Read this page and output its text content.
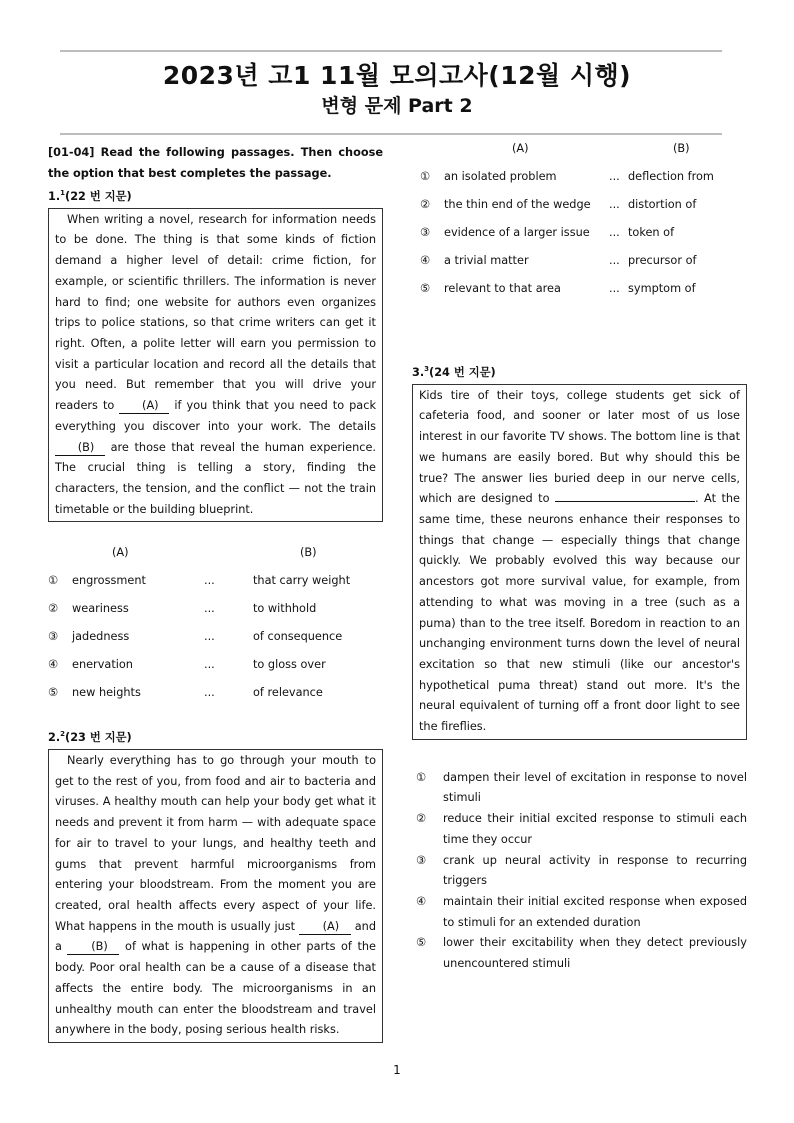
2023년 고1 11월 모의고사(12월 시행)
변형 문제 Part 2
[01-04] Read the following passages. Then choose the option that best completes the passage.
1.$^1$(22 번 지문)

When writing a novel, research for information needs to be done. The thing is that some kinds of fiction demand a higher level of detail: crime fiction, for example, or scientific thrillers. The information is never hard to find; one website for authors even organizes trips to police stations, so that crime writers can get it right. Often, a polite letter will earn you permission to visit a particular location and record all the details that you need. But remember that you will drive your readers to (A) if you think that you need to pack everything you discover into your work. The details (B) are those that reveal the human experience. The crucial thing is telling a story, finding the characters, the tension, and the conflict — not the train timetable or the building blueprint.

(A)	(B)
① engrossment	...	that carry weight
② weariness	...	to withhold
③ jadedness	...	of consequence
④ enervation	...	to gloss over
⑤ new heights	...	of relevance
2.$^2$(23 번 지문)

Nearly everything has to go through your mouth to get to the rest of you, from food and air to bacteria and viruses. A healthy mouth can help your body get what it needs and prevent it from harm — with adequate space for air to travel to your lungs, and healthy teeth and gums that prevent harmful microorganisms from entering your bloodstream. From the moment you are created, oral health affects every aspect of your life. What happens in the mouth is usually just (A) and a (B) of what is happening in other parts of the body. Poor oral health can be a cause of a disease that affects the entire body. The microorganisms in an unhealthy mouth can enter the bloodstream and travel anywhere in the body, posing serious health risks.

(A)	(B)
① an isolated problem	... deflection from
② the thin end of the wedge ... distortion of
③ evidence of a larger issue ... token of
④ a trivial matter	... precursor of
⑤ relevant to that area	... symptom of
3.$^3$(24 번 지문)

Kids tire of their toys, college students get sick of cafeteria food, and sooner or later most of us lose interest in our favorite TV shows. The bottom line is that we humans are easily bored. But why should this be true? The answer lies buried deep in our nerve cells, which are designed to	. At the same time, these neurons enhance their responses to things that change — especially things that change quickly. We probably evolved this way because our ancestors got more survival value, for example, from attending to what was moving in a tree (such as a puma) than to the tree itself. Boredom in reaction to an unchanging environment turns down the level of neural excitation so that new stimuli (like our ancestor's hypothetical puma threat) stand out more. It's the neural equivalent of turning off a front door light to see the fireflies.

① dampen their level of excitation in response to novel stimuli
② reduce their initial excited response to stimuli each time they occur
③ crank up neural activity in response to recurring triggers
④ maintain their initial excited response when exposed to stimuli for an extended duration
⑤ lower their excitability when they detect previously unencountered stimuli
1
